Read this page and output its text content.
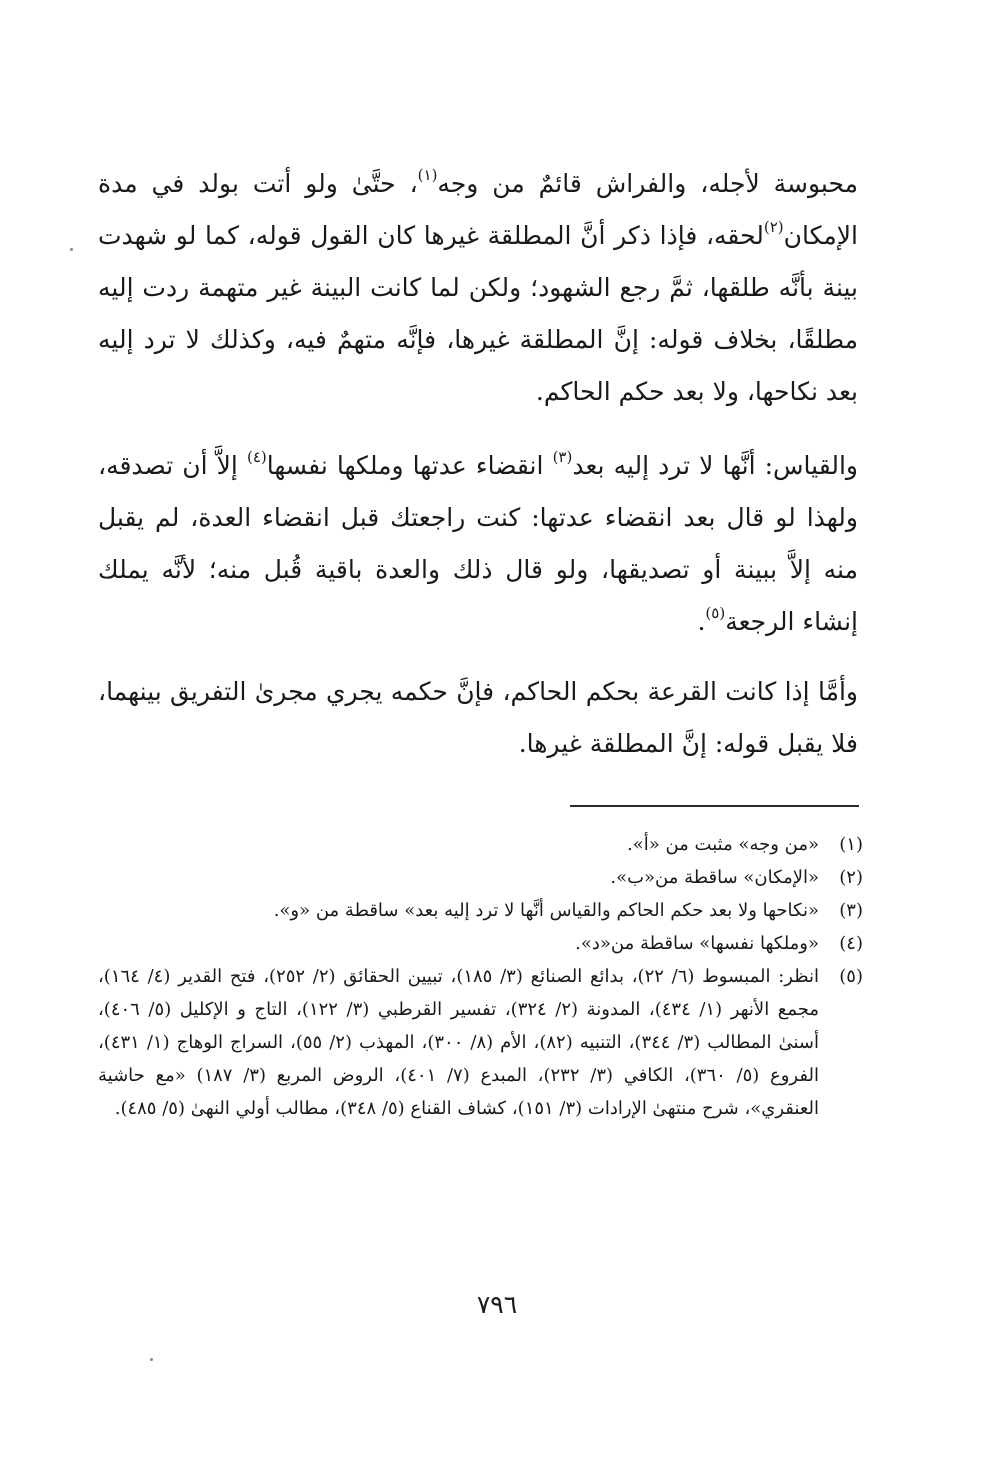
محبوسة لأجله، والفراش قائمٌ من وجه$^{(١)}$، حتَّىٰ ولو أتت بولد في مدة الإمكان$^{(٢)}$لحقه، فإذا ذكر أنَّ المطلقة غيرها كان القول قوله، كما لو شهدت بينة بأنَّه طلقها، ثمَّ رجع الشهود؛ ولكن لما كانت البينة غير متهمة ردت إليه مطلقًا، بخلاف قوله: إنَّ المطلقة غيرها، فإنَّه متهمٌ فيه، وكذلك لا ترد إليه بعد نكاحها، ولا بعد حكم الحاكم.

والقياس: أنَّها لا ترد إليه بعد$^{(٣)}$ انقضاء عدتها وملكها نفسها$^{(٤)}$ إلاَّ أن تصدقه، ولهذا لو قال بعد انقضاء عدتها: كنت راجعتك قبل انقضاء العدة، لم يقبل منه إلاَّ ببينة أو تصديقها، ولو قال ذلك والعدة باقية قُبل منه؛ لأنَّه يملك إنشاء الرجعة$^{(٥)}$.

وأمَّا إذا كانت القرعة بحكم الحاكم، فإنَّ حكمه يجري مجرىٰ التفريق بينهما، فلا يقبل قوله: إنَّ المطلقة غيرها.

(١)
«من وجه» مثبت من «أ».
(٢)
«الإمكان» ساقطة من«ب».
(٣)
«نكاحها ولا بعد حكم الحاكم والقياس أنَّها لا ترد إليه بعد» ساقطة من «و».
(٤)
«وملكها نفسها» ساقطة من«د».
(٥)
انظر: المبسوط (٦/ ٢٢)، بدائع الصنائع (٣/ ١٨٥)، تبيين الحقائق (٢/ ٢٥٢)، فتح القدير (٤/ ١٦٤)، مجمع الأنهر (١/ ٤٣٤)، المدونة (٢/ ٣٢٤)، تفسير القرطبي (٣/ ١٢٢)، التاج و الإكليل (٥/ ٤٠٦)، أسنىٰ المطالب (٣/ ٣٤٤)، التنبيه (٨٢)، الأم (٨/ ٣٠٠)، المهذب (٢/ ٥٥)، السراج الوهاج (١/ ٤٣١)، الفروع (٥/ ٣٦٠)، الكافي (٣/ ٢٣٢)، المبدع (٧/ ٤٠١)، الروض المربع (٣/ ١٨٧) «مع حاشية العنقري»، شرح منتهىٰ الإرادات (٣/ ١٥١)، كشاف القناع (٥/ ٣٤٨)، مطالب أولي النهىٰ (٥/ ٤٨٥).
٧٩٦
